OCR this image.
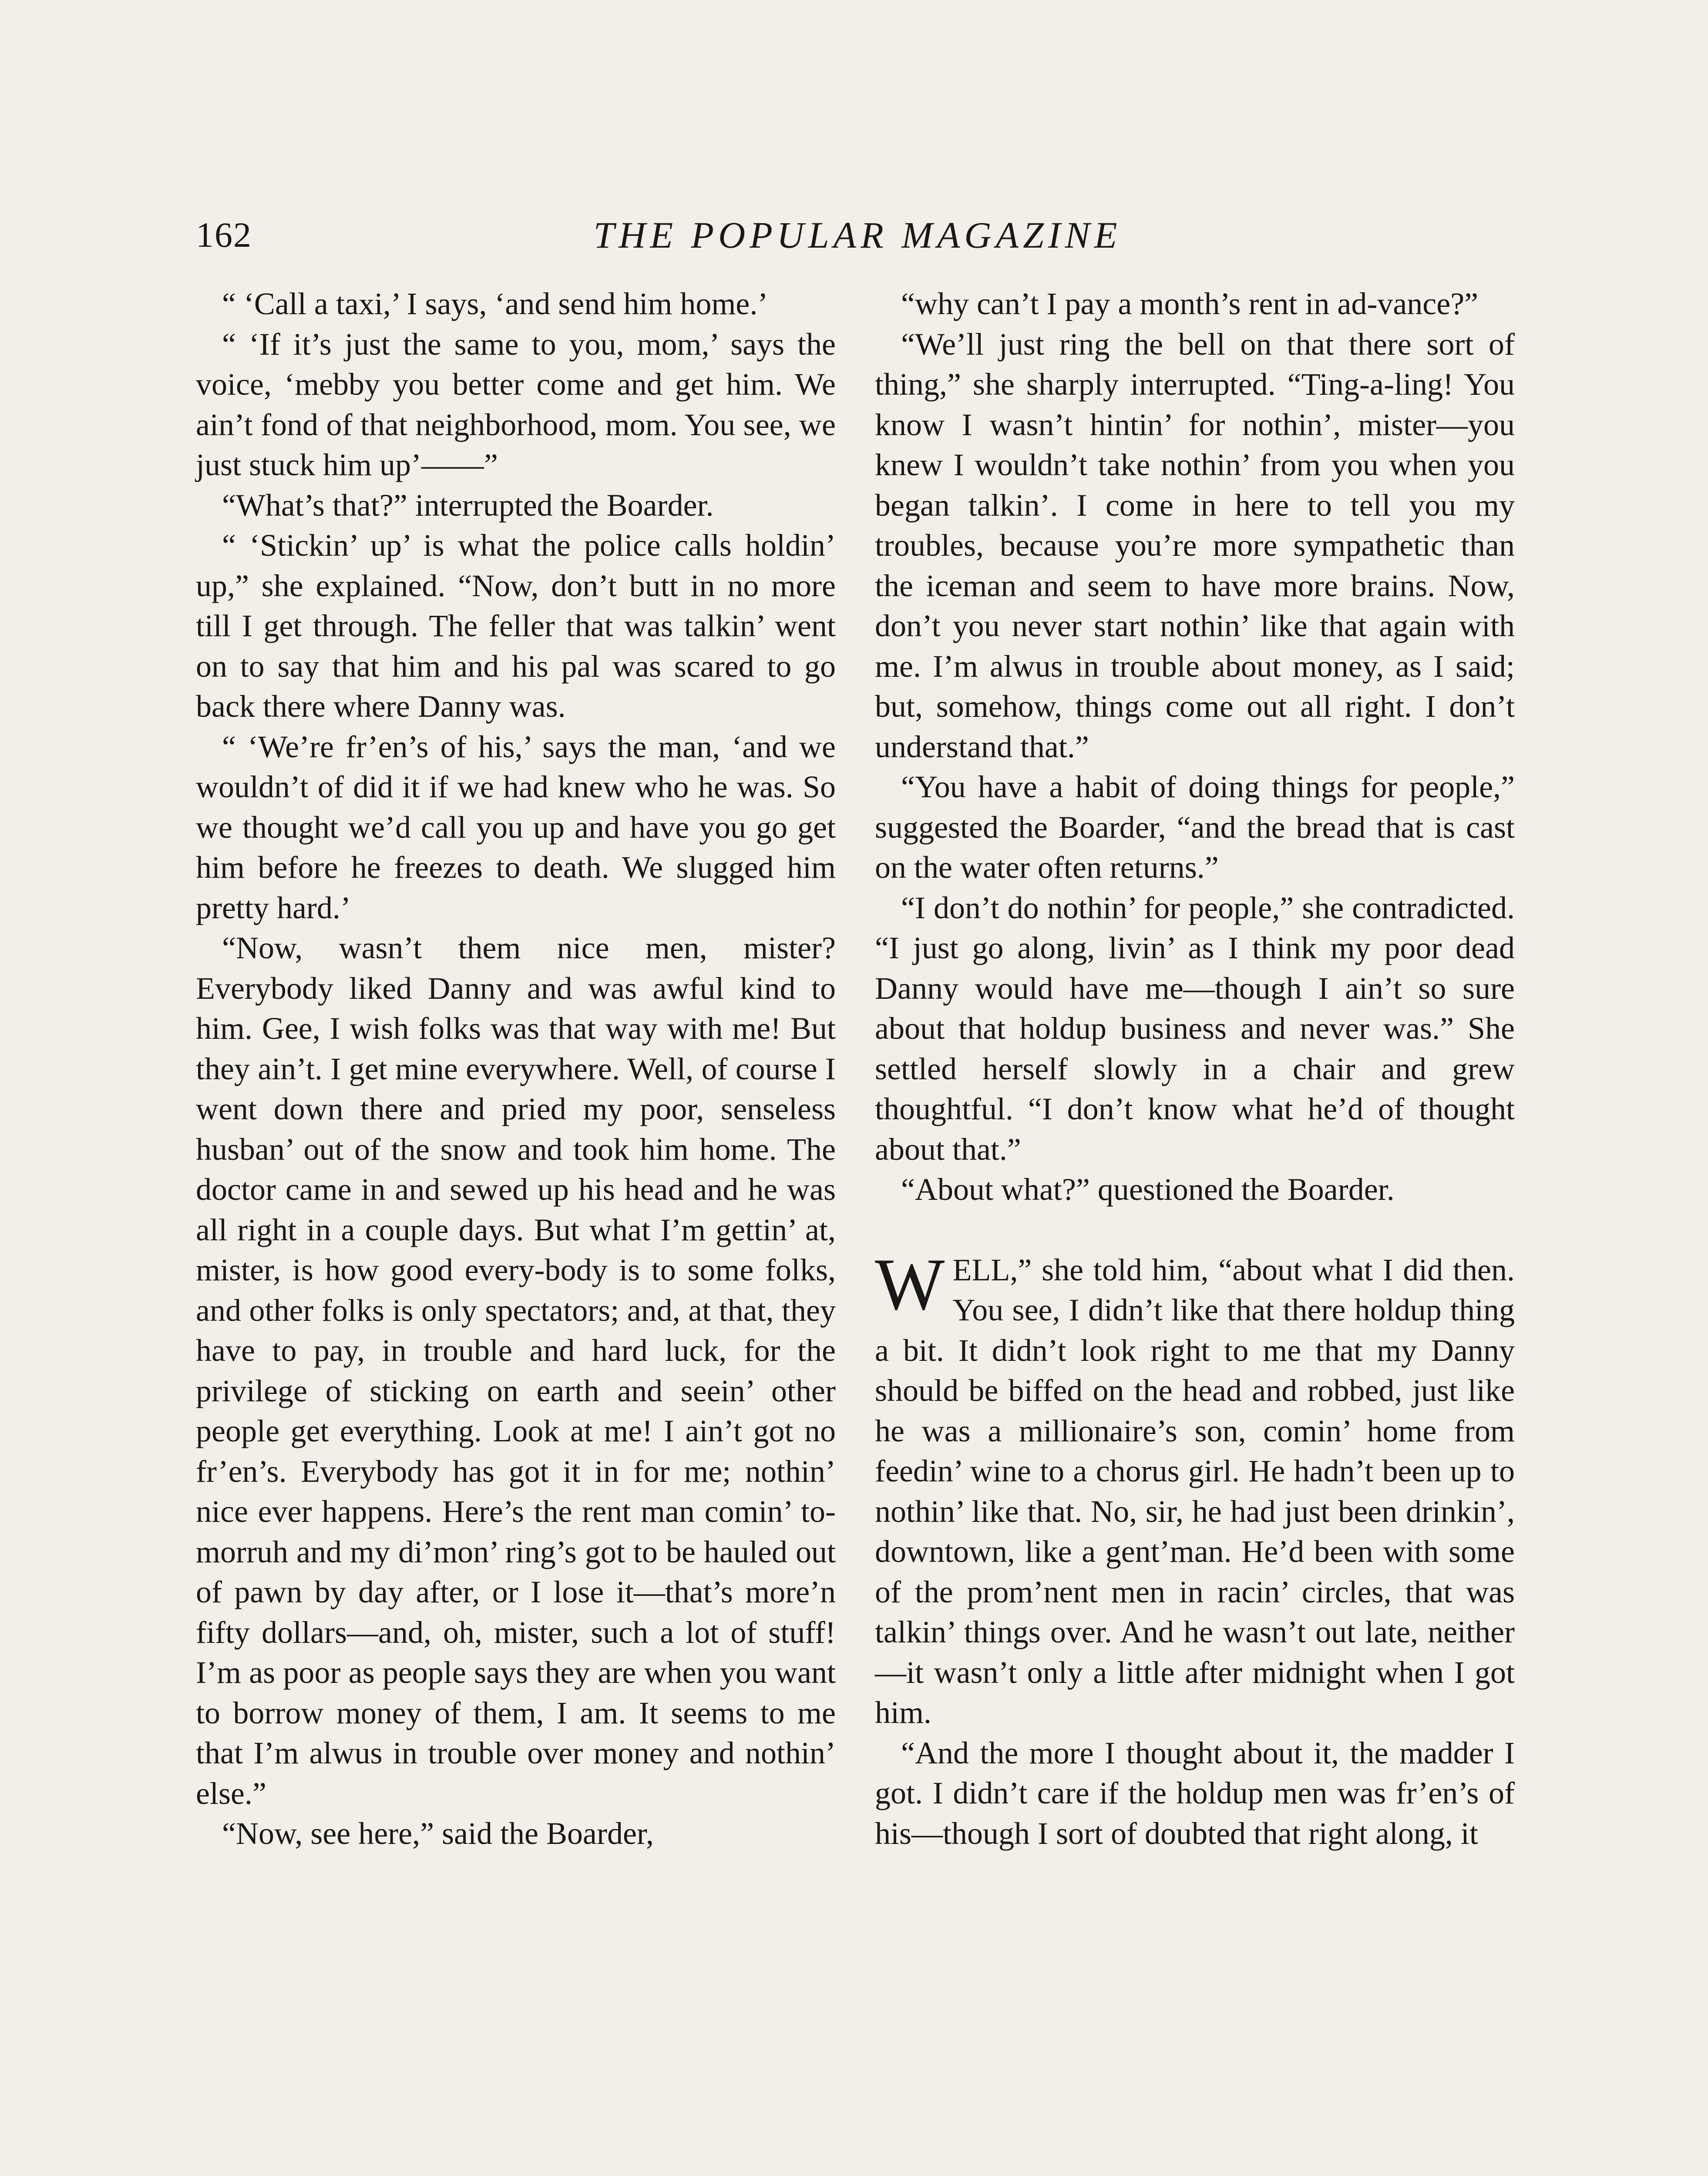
162	THE POPULAR MAGAZINE

“ ‘Call a taxi,’ I says, ‘and send him home.’

“ ‘If it’s just the same to you, mom,’ says the voice, ‘mebby you better come and get him. We ain’t fond of that neighborhood, mom. You see, we just stuck him up’——”

“What’s that?” interrupted the Boarder.

“ ‘Stickin’ up’ is what the police calls holdin’ up,” she explained. “Now, don’t butt in no more till I get through. The feller that was talkin’ went on to say that him and his pal was scared to go back there where Danny was.

“ ‘We’re fr’en’s of his,’ says the man, ‘and we wouldn’t of did it if we had knew who he was. So we thought we’d call you up and have you go get him before he freezes to death. We slugged him pretty hard.’

“Now, wasn’t them nice men, mister? Everybody liked Danny and was awful kind to him. Gee, I wish folks was that way with me! But they ain’t. I get mine everywhere. Well, of course I went down there and pried my poor, senseless husban’ out of the snow and took him home. The doctor came in and sewed up his head and he was all right in a couple days. But what I’m gettin’ at, mister, is how good every-body is to some folks, and other folks is only spectators; and, at that, they have to pay, in trouble and hard luck, for the privilege of sticking on earth and seein’ other people get everything. Look at me! I ain’t got no fr’en’s. Everybody has got it in for me; nothin’ nice ever happens. Here’s the rent man comin’ to-morruh and my di’mon’ ring’s got to be hauled out of pawn by day after, or I lose it—that’s more’n fifty dollars—and, oh, mister, such a lot of stuff! I’m as poor as people says they are when you want to borrow money of them, I am. It seems to me that I’m alwus in trouble over money and nothin’ else.”

“Now, see here,” said the Boarder,

“why can’t I pay a month’s rent in ad-vance?”

“We’ll just ring the bell on that there sort of thing,” she sharply interrupted. “Ting-a-ling! You know I wasn’t hintin’ for nothin’, mister—you knew I wouldn’t take nothin’ from you when you began talkin’. I come in here to tell you my troubles, because you’re more sympathetic than the iceman and seem to have more brains. Now, don’t you never start nothin’ like that again with me. I’m alwus in trouble about money, as I said; but, somehow, things come out all right. I don’t understand that.”

“You have a habit of doing things for people,” suggested the Boarder, “and the bread that is cast on the water often returns.”

“I don’t do nothin’ for people,” she contradicted. “I just go along, livin’ as I think my poor dead Danny would have me—though I ain’t so sure about that holdup business and never was.” She settled herself slowly in a chair and grew thoughtful. “I don’t know what he’d of thought about that.”

“About what?” questioned the Boarder.

WELL,” she told him, “about what I did then. You see, I didn’t like that there holdup thing a bit. It didn’t look right to me that my Danny should be biffed on the head and robbed, just like he was a millionaire’s son, comin’ home from feedin’ wine to a chorus girl. He hadn’t been up to nothin’ like that. No, sir, he had just been drinkin’, downtown, like a gent’man. He’d been with some of the prom’nent men in racin’ circles, that was talkin’ things over. And he wasn’t out late, neither —it wasn’t only a little after midnight when I got him.

“And the more I thought about it, the madder I got. I didn’t care if the holdup men was fr’en’s of his—though I sort of doubted that right along, it
